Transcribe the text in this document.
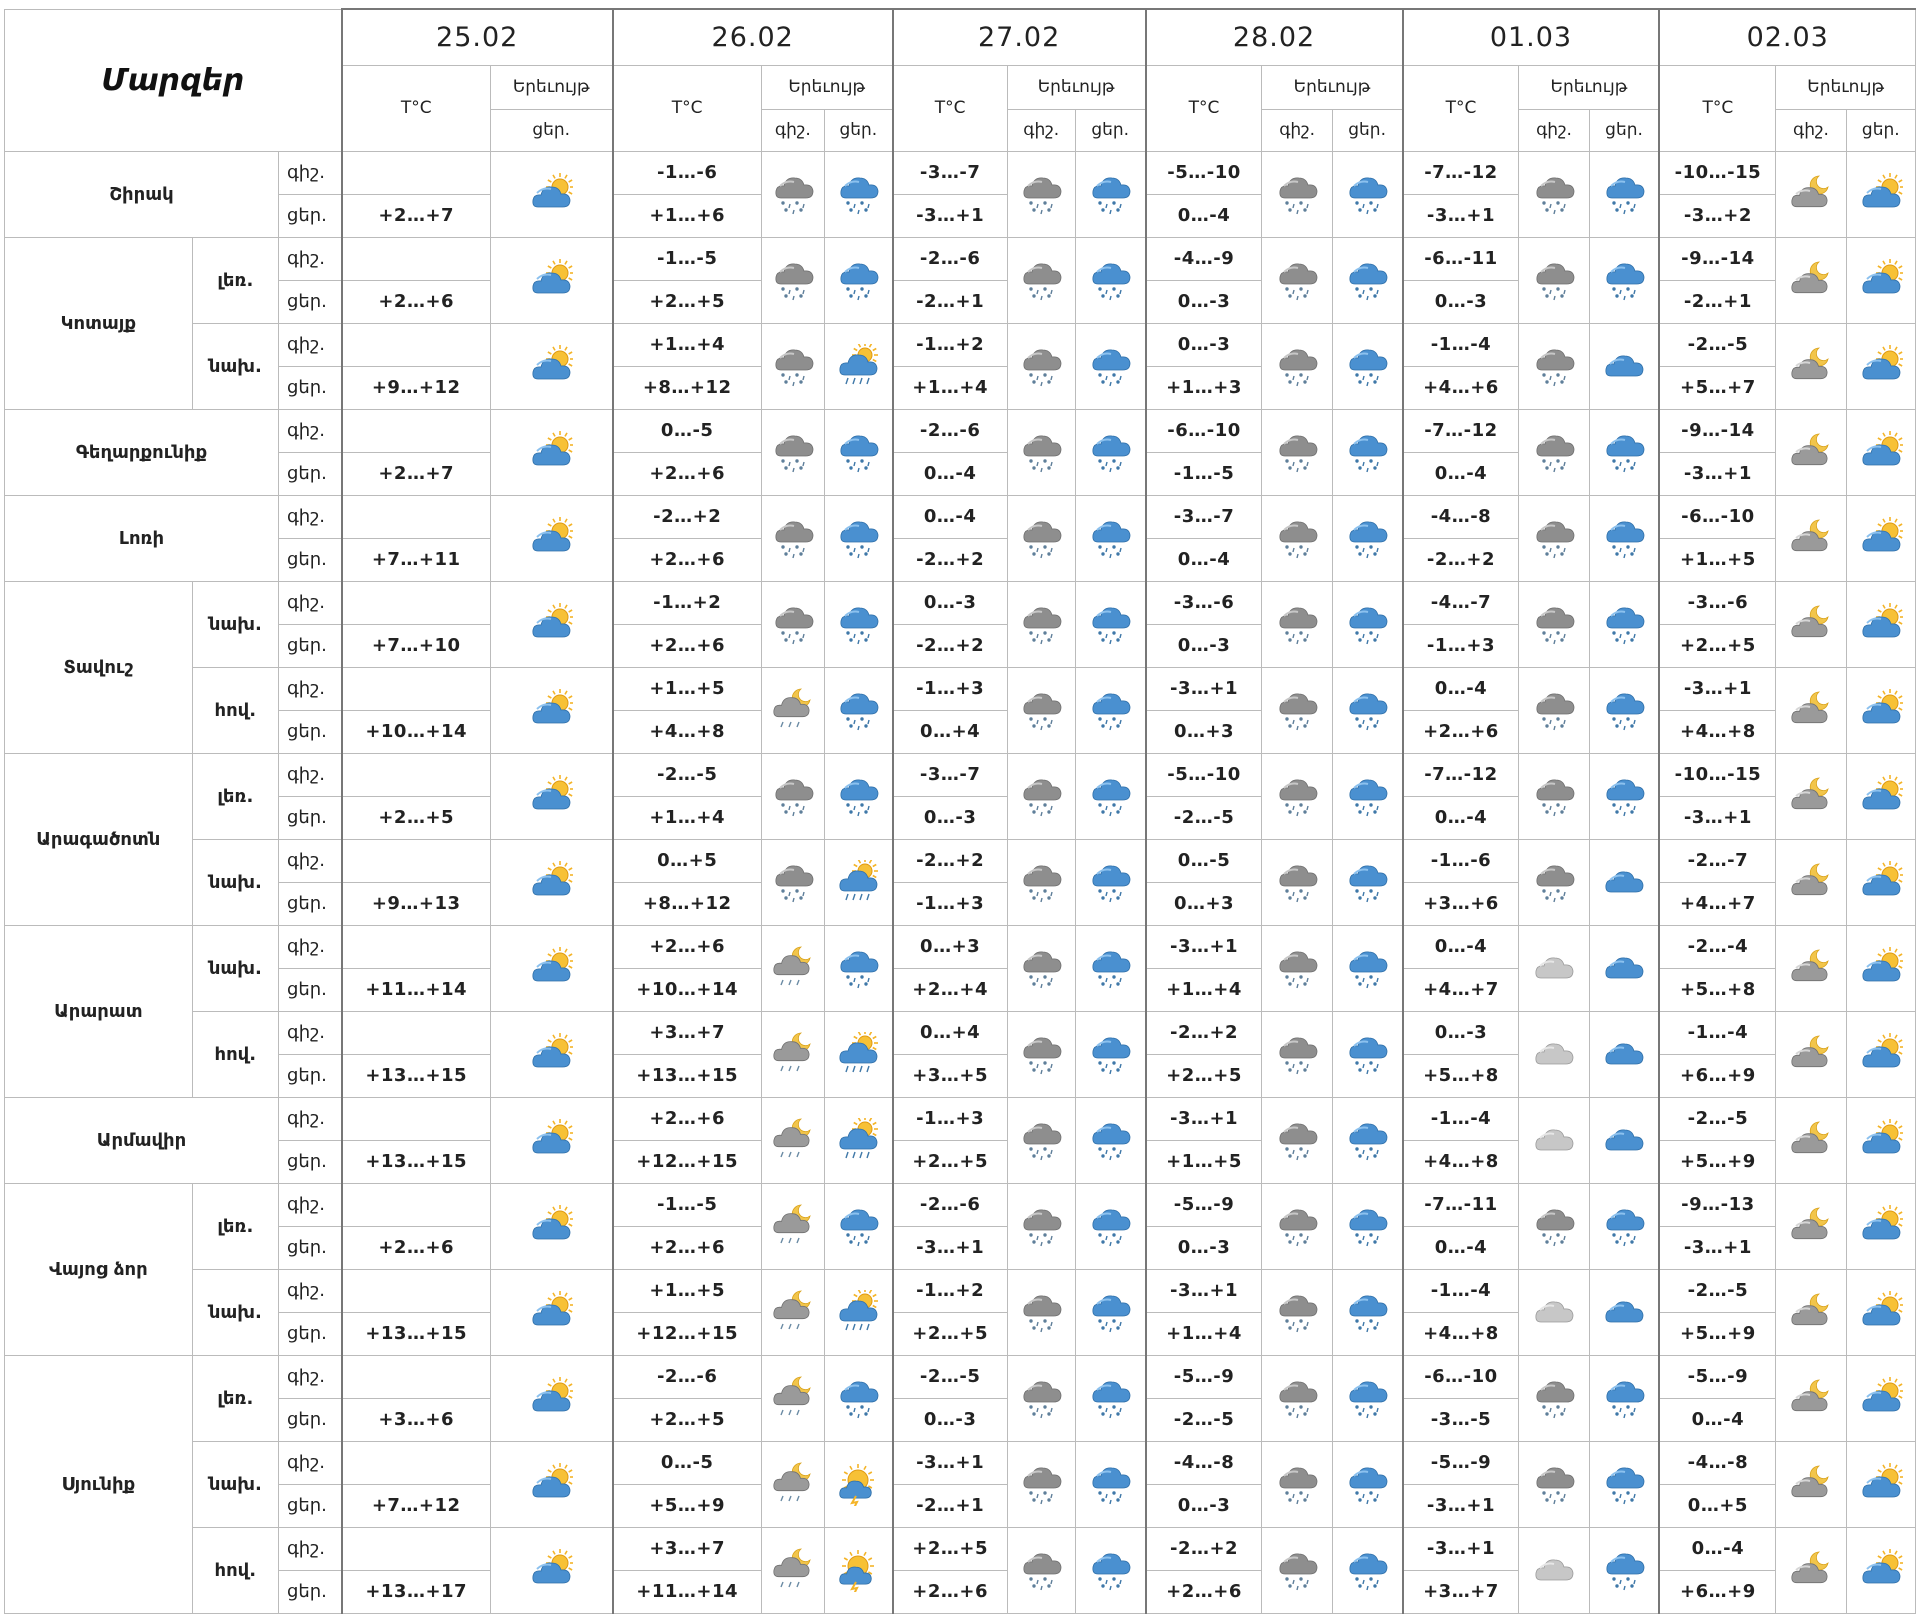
Մարզեր			25.02		26.02			27.02			28.02			01.03			02.03		
			T°C	Երեւույթ	T°C	Երեւույթ		T°C	Երեւույթ		T°C	Երեւույթ		T°C	Երեւույթ		T°C	Երեւույթ	
				ցեր.		գիշ.	ցեր.		գիշ.	ցեր.		գիշ.	ցեր.		գիշ.	ցեր.		գիշ.	ցեր.
Շիրակ		գիշ.			-1…-6			-3…-7			-5…-10			-7…-12			-10…-15	

		ցեր.	+2…+7		+1…+6			-3…+1			0…-4			-3…+1			-3…+2		
Կոտայք	լեռ.	գիշ.			-1…-5			-2…-6			-4…-9			-6…-11			-9…-14	

		ցեր.	+2…+6		+2…+5			-2…+1			0…-3			0…-3			-2…+1		
	նախ.	գիշ.			+1…+4			-1…+2			0…-3			-1…-4			-2…-5	

		ցեր.	+9…+12		+8…+12			+1…+4			+1…+3			+4…+6			+5…+7		
Գեղարքունիք		գիշ.			0…-5			-2…-6			-6…-10			-7…-12			-9…-14	

		ցեր.	+2…+7		+2…+6			0…-4			-1…-5			0…-4			-3…+1		
Լոռի		գիշ.			-2…+2			0…-4			-3…-7			-4…-8			-6…-10	

		ցեր.	+7…+11		+2…+6			-2…+2			0…-4			-2…+2			+1…+5		
Տավուշ	նախ.	գիշ.			-1…+2			0…-3			-3…-6			-4…-7			-3…-6	

		ցեր.	+7…+10		+2…+6			-2…+2			0…-3			-1…+3			+2…+5		
	հով.	գիշ.			+1…+5			-1…+3			-3…+1			0…-4			-3…+1	

		ցեր.	+10…+14		+4…+8			0…+4			0…+3			+2…+6			+4…+8		
Արագածոտն	լեռ.	գիշ.			-2…-5			-3…-7			-5…-10			-7…-12			-10…-15	

		ցեր.	+2…+5		+1…+4			0…-3			-2…-5			0…-4			-3…+1		
	նախ.	գիշ.			0…+5			-2…+2			0…-5			-1…-6			-2…-7	

		ցեր.	+9…+13		+8…+12			-1…+3			0…+3			+3…+6			+4…+7		
Արարատ	նախ.	գիշ.			+2…+6			0…+3			-3…+1			0…-4			-2…-4	

		ցեր.	+11…+14		+10…+14			+2…+4			+1…+4			+4…+7			+5…+8		
	հով.	գիշ.			+3…+7			0…+4			-2…+2			0…-3			-1…-4	

		ցեր.	+13…+15		+13…+15			+3…+5			+2…+5			+5…+8			+6…+9		
Արմավիր		գիշ.			+2…+6			-1…+3			-3…+1			-1…-4			-2…-5	

		ցեր.	+13…+15		+12…+15			+2…+5			+1…+5			+4…+8			+5…+9		
Վայոց ձոր	լեռ.	գիշ.			-1…-5			-2…-6			-5…-9			-7…-11			-9…-13	

		ցեր.	+2…+6		+2…+6			-3…+1			0…-3			0…-4			-3…+1		
	նախ.	գիշ.			+1…+5			-1…+2			-3…+1			-1…-4			-2…-5	

		ցեր.	+13…+15		+12…+15			+2…+5			+1…+4			+4…+8			+5…+9		
Սյունիք	լեռ.	գիշ.			-2…-6			-2…-5			-5…-9			-6…-10			-5…-9	

		ցեր.	+3…+6		+2…+5			0…-3			-2…-5			-3…-5			0…-4		
	նախ.	գիշ.			0…-5			-3…+1			-4…-8			-5…-9			-4…-8	

		ցեր.	+7…+12		+5…+9			-2…+1			0…-3			-3…+1			0…+5		
	հով.	գիշ.			+3…+7			+2…+5			-2…+2			-3…+1			0…-4	

		ցեր.	+13…+17		+11…+14			+2…+6			+2…+6			+3…+7			+6…+9		
